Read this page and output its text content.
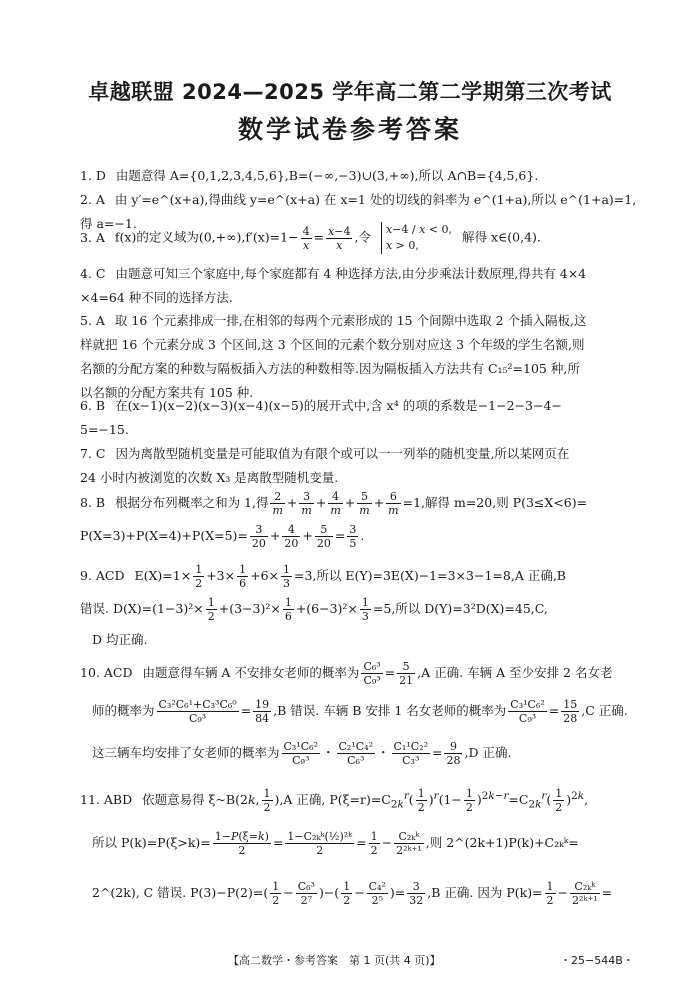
卓越联盟 2024—2025 学年高二第二学期第三次考试
数学试卷参考答案
1. D 由题意得 A={0,1,2,3,4,5,6},B=(−∞,−3)∪(3,+∞),所以 A∩B={4,5,6}.
2. A 由 y′=e^(x+a),得曲线 y=e^(x+a) 在 x=1 处的切线的斜率为 e^(1+a),所以 e^(1+a)=1,得 a=−1.
3. A f(x)的定义域为$(0,+\infty),f'(x)=1- \frac{4}{x} = \frac{x-4}{x}$ ,令 x−4 / x < 0,
x > 0,
解得 x∈(0,4).
4. C 由题意可知三个家庭中,每个家庭都有 4 种选择方法,由分步乘法计数原理,得共有 4×4
×4=64 种不同的选择方法.
5. A 取 16 个元素排成一排,在相邻的每两个元素形成的 15 个间隙中选取 2 个插入隔板,这
样就把 16 个元素分成 3 个区间,这 3 个区间的元素个数分别对应这 3 个年级的学生名额,则
名额的分配方案的种数与隔板插入方法的种数相等.因为隔板插入方法共有 C₁₅²=105 种,所
以名额的分配方案共有 105 种.
6. B 在(x−1)(x−2)(x−3)(x−4)(x−5)的展开式中,含 x⁴ 的项的系数是−1−2−3−4−
5=−15.
7. C 因为离散型随机变量是可能取值为有限个或可以一一列举的随机变量,所以某网页在
24 小时内被浏览的次数 X₃ 是离散型随机变量.
8. B 根据分布列概率之和为 1,得 $\frac{2}{m} + \frac{3}{m} + \frac{4}{m} + \frac{5}{m} + \frac{6}{m} =1$,解得 m=20,则 P(3≤X<6)=
$P(X=3)+P(X=4)+P(X=5)= \frac{3}{20} + \frac{4}{20} + \frac{5}{20} = \frac{3}{5}$ .
9. ACD $E(X)=1\times \frac{1}{2} +3\times \frac{1}{6} +6\times \frac{1}{3} =3$,所以 E(Y)=3E(X)−1=3×3−1=8,A 正确,B
错误. $D(X)=(1-3)^2\times \frac{1}{2} +(3-3)^2\times \frac{1}{6} +(6-3)^2\times \frac{1}{3} =5$,所以 D(Y)=3²D(X)=45,C,
D 均正确.
10. ACD 由题意得车辆 A 不安排女老师的概率为 $\frac{\text{C₆³}}{\text{C₉³}} = \frac{5}{21} ,A$ 正确. 车辆 A 至少安排 2 名女老
师的概率为 $\frac{\text{C₃²C₆¹+C₃³C₆⁰}}{\text{C₉³}} = \frac{19}{84} ,B$ 错误. 车辆 B 安排 1 名女老师的概率为 $\frac{\text{C₃¹C₆²}}{\text{C₉³}} = \frac{15}{28} ,C$ 正确.
这三辆车均安排了女老师的概率为 $\frac{\text{C₃¹C₆²}}{\text{C₉³}}$ ・ $\frac{\text{C₂¹C₄²}}{\text{C₆³}}$ ・ $\frac{\text{C₁¹C₂²}}{\text{C₃³}} = \frac{9}{28} ,D$ 正确.
11. ABD 依题意易得 ξ~B(2k, $\frac{1}{2} ),A$ 正确, $P(\xi=r)=C_{2k}^r( \frac{1}{2} )^r(1- \frac{1}{2} )^{2k-r}=C_{2k}^r( \frac{1}{2} )^{2k}$,
所以 $P(k)=P(\xi>k)= \frac{1-P(\xi=k)}{2} = \frac{\text{1−C₂ₖᵏ(½)²ᵏ}}{2} = \frac{1}{2} - \frac{\text{C₂ₖᵏ}}{\text{2²ᵏ⁺¹}}$ ,则 2^(2k+1)P(k)+C₂ₖᵏ=
2^(2k), C 错误. $P(3)-P(2)=( \frac{1}{2} - \frac{\text{C₆³}}{\text{2⁷}}$ )−( $\frac{1}{2} - \frac{\text{C₄²}}{\text{2⁵}}$ )= $\frac{3}{32} ,B$ 正确. 因为 $P(k)= \frac{1}{2} - \frac{\text{C₂ₖᵏ}}{\text{2²ᵏ⁺¹}}$ =
【高二数学・参考答案　第 1 页(共 4 页)】	・25−544B・
